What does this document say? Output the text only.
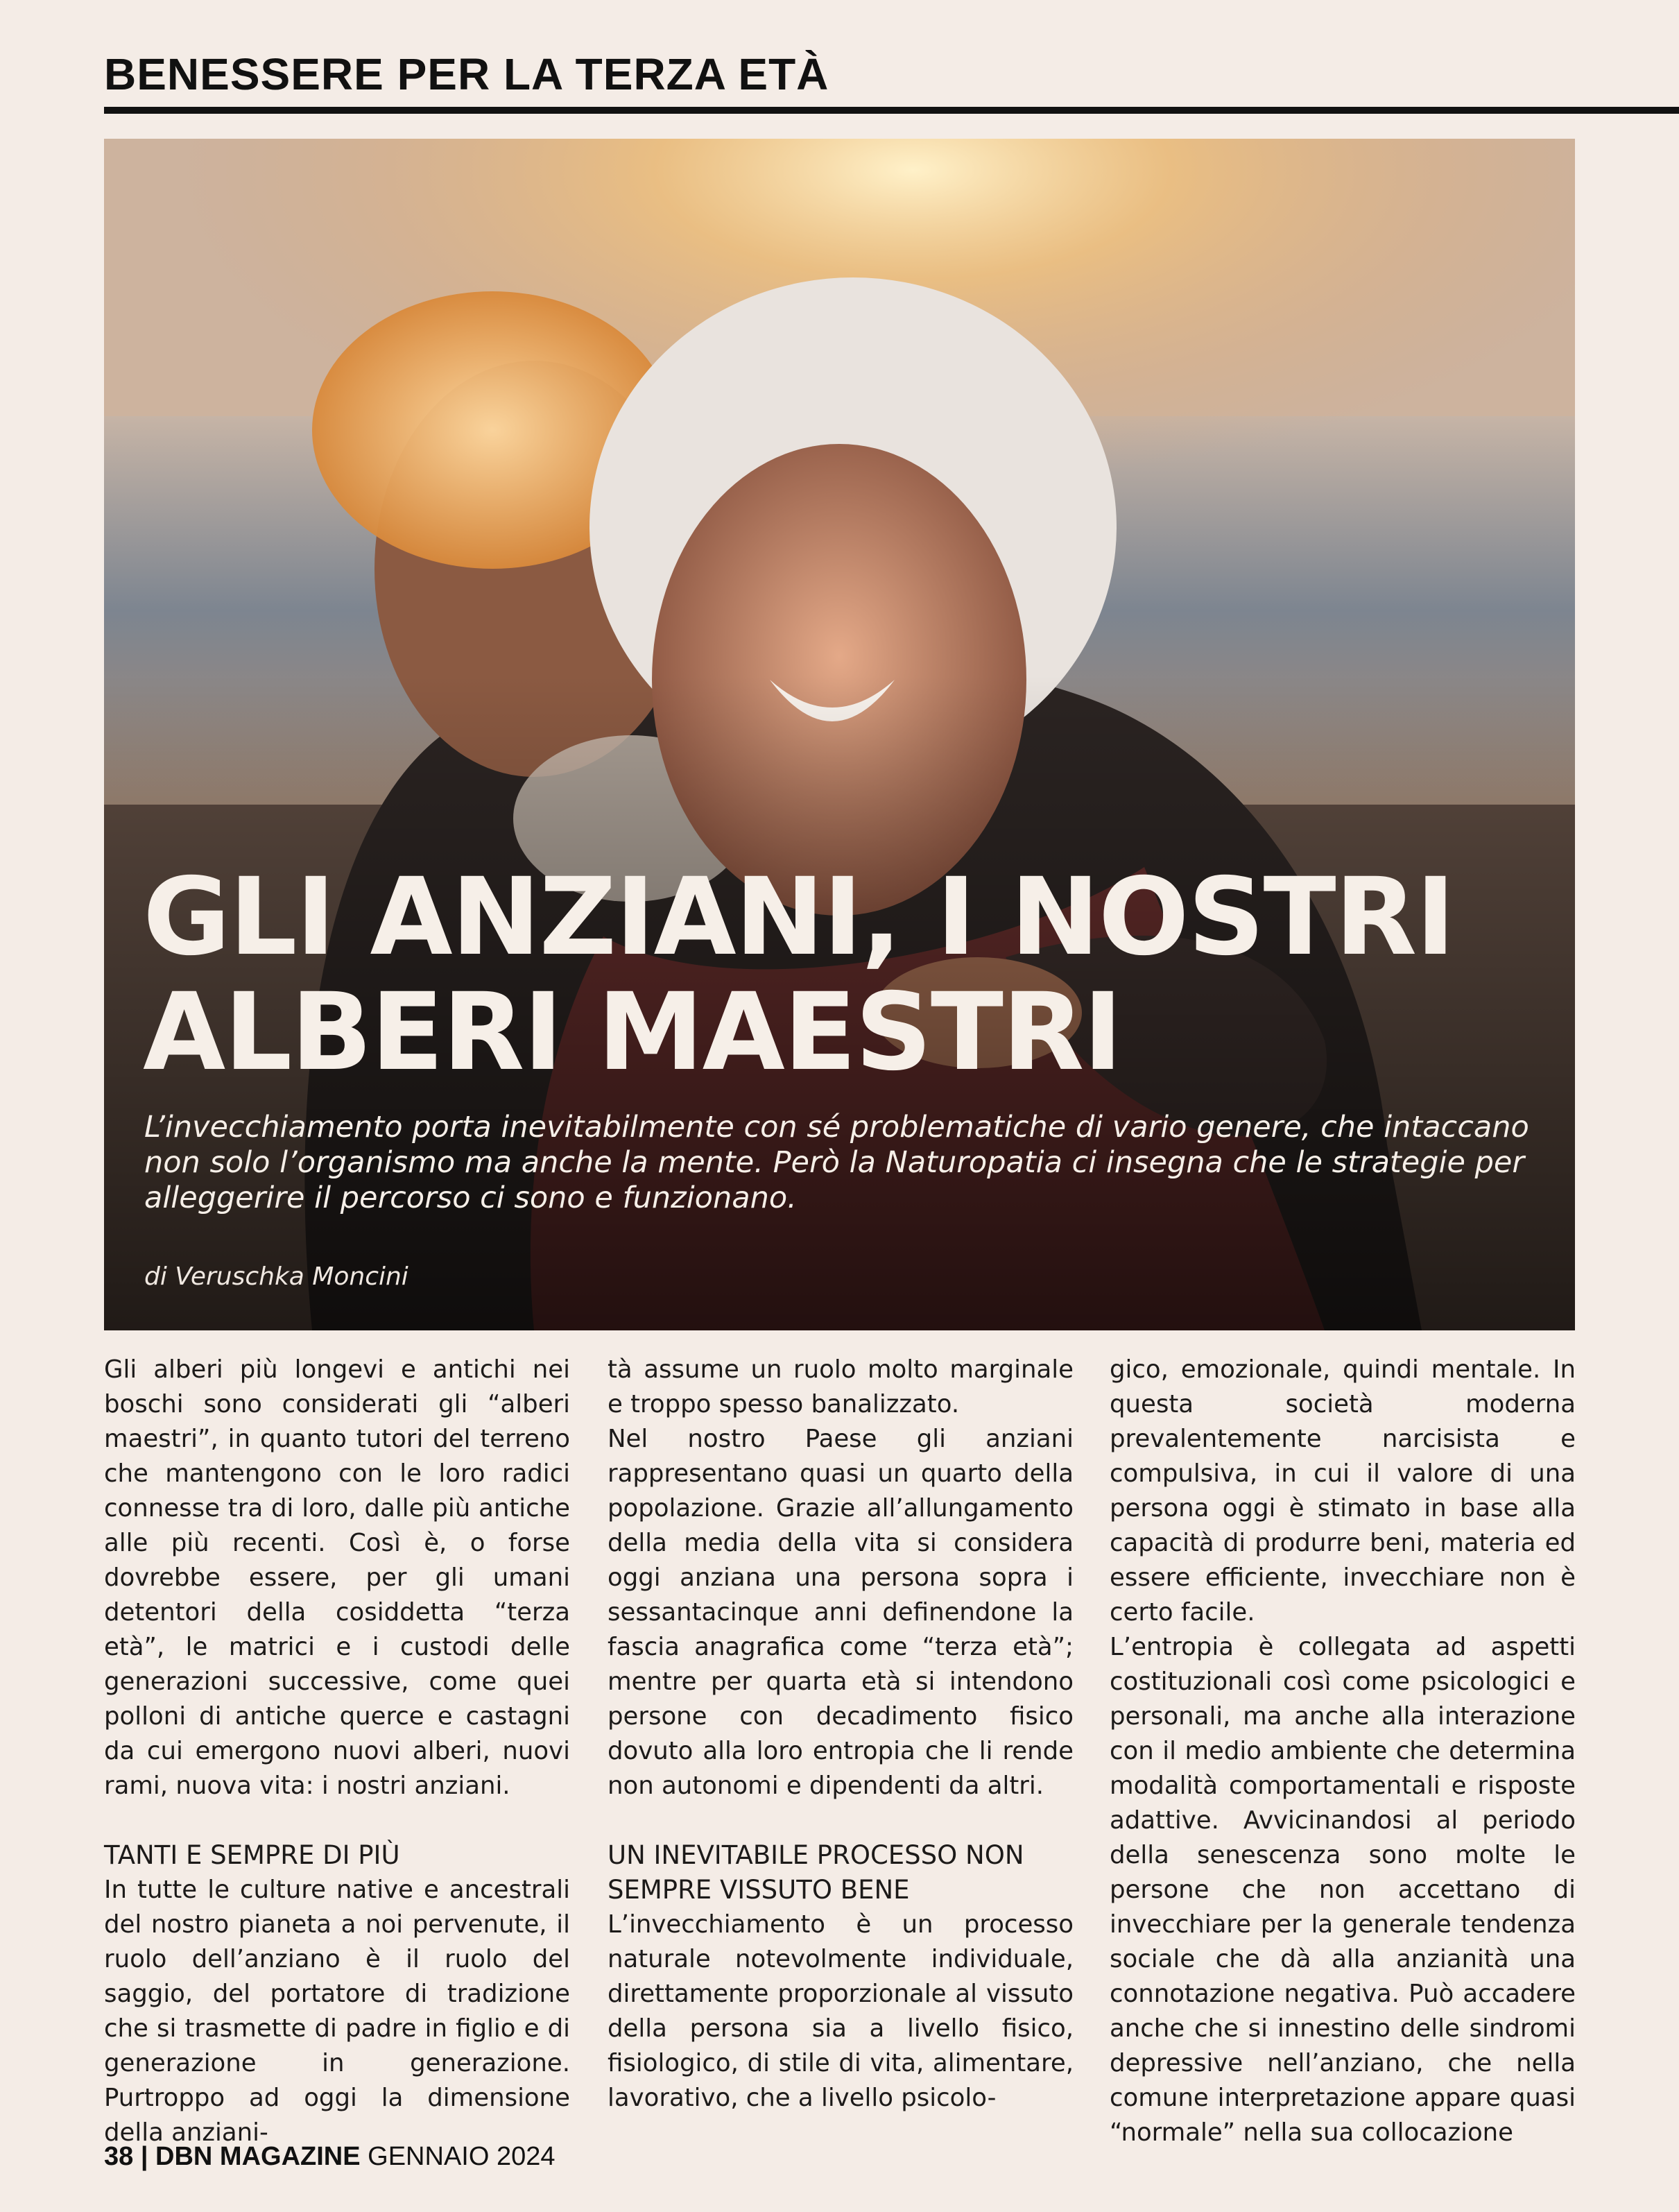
BENESSERE PER LA TERZA ETÀ
GLI ANZIANI, I NOSTRI
ALBERI MAESTRI

L’invecchiamento porta inevitabilmente con sé problematiche di vario genere, che intaccano non solo l’organismo ma anche la mente. Però la Naturopatia ci insegna che le strategie per alleggerire il percorso ci sono e funzionano.

di Veruschka Moncini

Gli alberi più longevi e antichi nei boschi sono considerati gli “alberi maestri”, in quanto tutori del terreno che mantengono con le loro radici connesse tra di loro, dalle più antiche alle più recenti. Così è, o forse dovrebbe essere, per gli umani detentori della cosiddetta “terza età”, le matrici e i custodi delle generazioni successive, come quei polloni di antiche querce e castagni da cui emergono nuovi alberi, nuovi rami, nuova vita: i nostri anziani.

TANTI E SEMPRE DI PIÙ

In tutte le culture native e ancestrali del nostro pianeta a noi pervenute, il ruolo dell’anziano è il ruolo del saggio, del portatore di tradizione che si trasmette di padre in figlio e di generazione in generazione. Purtroppo ad oggi la dimensione della anziani-

tà assume un ruolo molto marginale e troppo spesso banalizzato.

Nel nostro Paese gli anziani rappresentano quasi un quarto della popolazione. Grazie all’allungamento della media della vita si considera oggi anziana una persona sopra i sessantacinque anni definendone la fascia anagrafica come “terza età”; mentre per quarta età si intendono persone con decadimento fisico dovuto alla loro entropia che li rende non autonomi e dipendenti da altri.

UN INEVITABILE PROCESSO NON
SEMPRE VISSUTO BENE

L’invecchiamento è un processo naturale notevolmente individuale, direttamente proporzionale al vissuto della persona sia a livello fisico, fisiologico, di stile di vita, alimentare, lavorativo, che a livello psicolo-

gico, emozionale, quindi mentale. In questa società moderna prevalentemente narcisista e compulsiva, in cui il valore di una persona oggi è stimato in base alla capacità di produrre beni, materia ed essere efficiente, invecchiare non è certo facile.

L’entropia è collegata ad aspetti costituzionali così come psicologici e personali, ma anche alla interazione con il medio ambiente che determina modalità comportamentali e risposte adattive. Avvicinandosi al periodo della senescenza sono molte le persone che non accettano di invecchiare per la generale tendenza sociale che dà alla anzianità una connotazione negativa. Può accadere anche che si innestino delle sindromi depressive nell’anziano, che nella comune interpretazione appare quasi “normale” nella sua collocazione

38 | DBN MAGAZINE GENNAIO 2024
